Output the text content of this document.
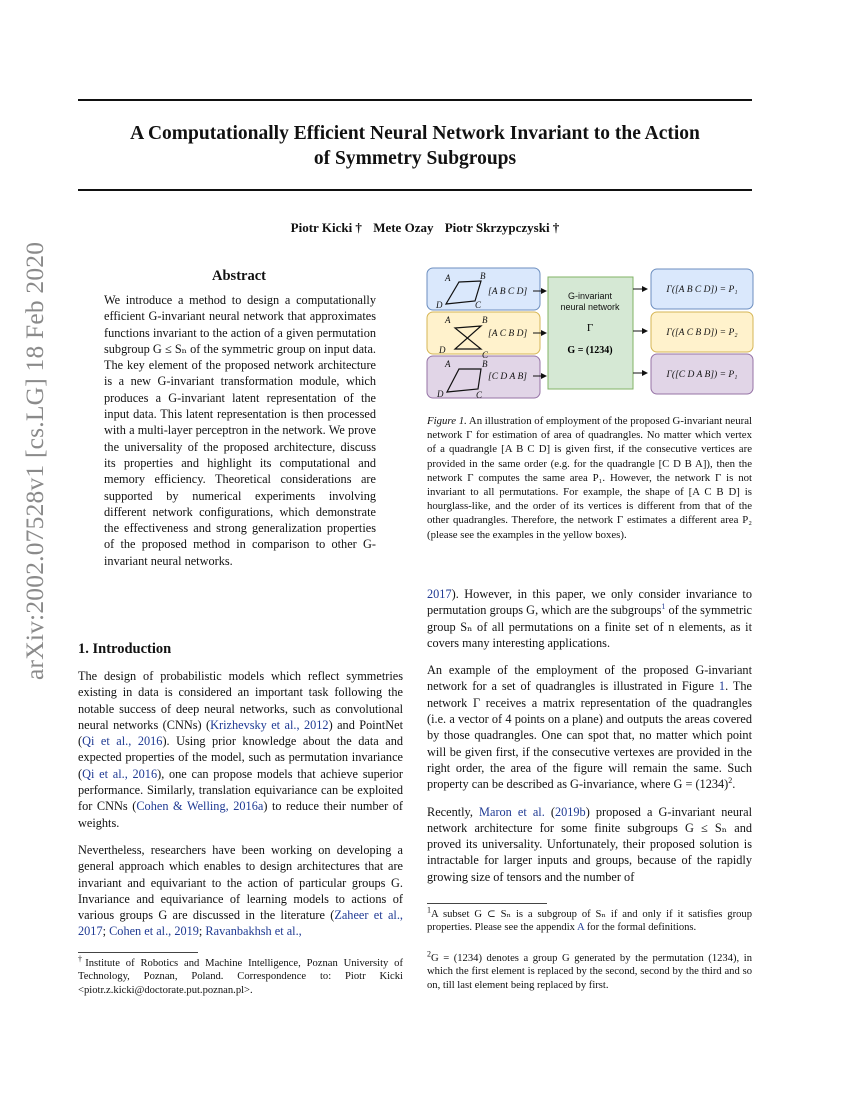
arXiv:2002.07528v1 [cs.LG] 18 Feb 2020
A Computationally Efficient Neural Network Invariant to the Action
of Symmetry Subgroups
Piotr Kicki † Mete Ozay Piotr Skrzypczyski †
Abstract

We introduce a method to design a computationally efficient G-invariant neural network that approximates functions invariant to the action of a given permutation subgroup G ≤ Sₙ of the symmetric group on input data. The key element of the proposed network architecture is a new G-invariant transformation module, which produces a G-invariant latent representation of the input data. This latent representation is then processed with a multi-layer perceptron in the network. We prove the universality of the proposed architecture, discuss its properties and highlight its computational and memory efficiency. Theoretical considerations are supported by numerical experiments involving different network configurations, which demonstrate the effectiveness and strong generalization properties of the proposed method in comparison to other G-invariant neural networks.

1. Introduction

The design of probabilistic models which reflect symmetries existing in data is considered an important task following the notable success of deep neural networks, such as convolutional neural networks (CNNs) (Krizhevsky et al., 2012) and PointNet (Qi et al., 2016). Using prior knowledge about the data and expected properties of the model, such as permutation invariance (Qi et al., 2016), one can propose models that achieve superior performance. Similarly, translation equivariance can be exploited for CNNs (Cohen & Welling, 2016a) to reduce their number of weights.

Nevertheless, researchers have been working on developing a general approach which enables to design architectures that are invariant and equivariant to the action of particular groups G. Invariance and equivariance of learning models to actions of various groups G are discussed in the literature (Zaheer et al., 2017; Cohen et al., 2019; Ravanbakhsh et al.,

†Institute of Robotics and Machine Intelligence, Poznan University of Technology, Poznan, Poland. Correspondence to: Piotr Kicki <piotr.z.kicki@doctorate.put.poznan.pl>.
A	B
C
D
A	B
C
D
A	B
C
D
[A B C D]
[A C B D]
[C D A B]
G-invariant
neural network
Γ
G = (1234)
Γ([A B C D]) = P₁
Γ([A C B D]) = P₂
Γ([C D A B]) = P₁

Figure 1. An illustration of employment of the proposed G-invariant neural network Γ for estimation of area of quadrangles. No matter which vertex of a quadrangle [A B C D] is given first, if the consecutive vertices are provided in the same order (e.g. for the quadrangle [C D B A]), then the network Γ computes the same area P₁. However, the network Γ is not invariant to all permutations. For example, the shape of [A C B D] is hourglass-like, and the order of its vertices is different from that of the other quadrangles. Therefore, the network Γ estimates a different area P₂ (please see the examples in the yellow boxes).

2017). However, in this paper, we only consider invariance to permutation groups G, which are the subgroups$^1$ of the symmetric group Sₙ of all permutations on a finite set of n elements, as it covers many interesting applications.

An example of the employment of the proposed G-invariant network for a set of quadrangles is illustrated in Figure 1. The network Γ receives a matrix representation of the quadrangles (i.e. a vector of 4 points on a plane) and outputs the areas covered by those quadrangles. One can spot that, no matter which point will be given first, if the consecutive vertexes are provided in the right order, the area of the figure will remain the same. Such property can be described as G-invariance, where $G = (1234)^2$.

Recently, Maron et al. (2019b) proposed a G-invariant neural network architecture for some finite subgroups G ≤ Sₙ and proved its universality. Unfortunately, their proposed solution is intractable for larger inputs and groups, because of the rapidly growing size of tensors and the number of

$^1$A subset G ⊂ Sₙ is a subgroup of Sₙ if and only if it satisfies group properties. Please see the appendix A for the formal definitions.
$^2$G = (1234) denotes a group G generated by the permutation (1234), in which the first element is replaced by the second, second by the third and so on, till last element being replaced by first.
